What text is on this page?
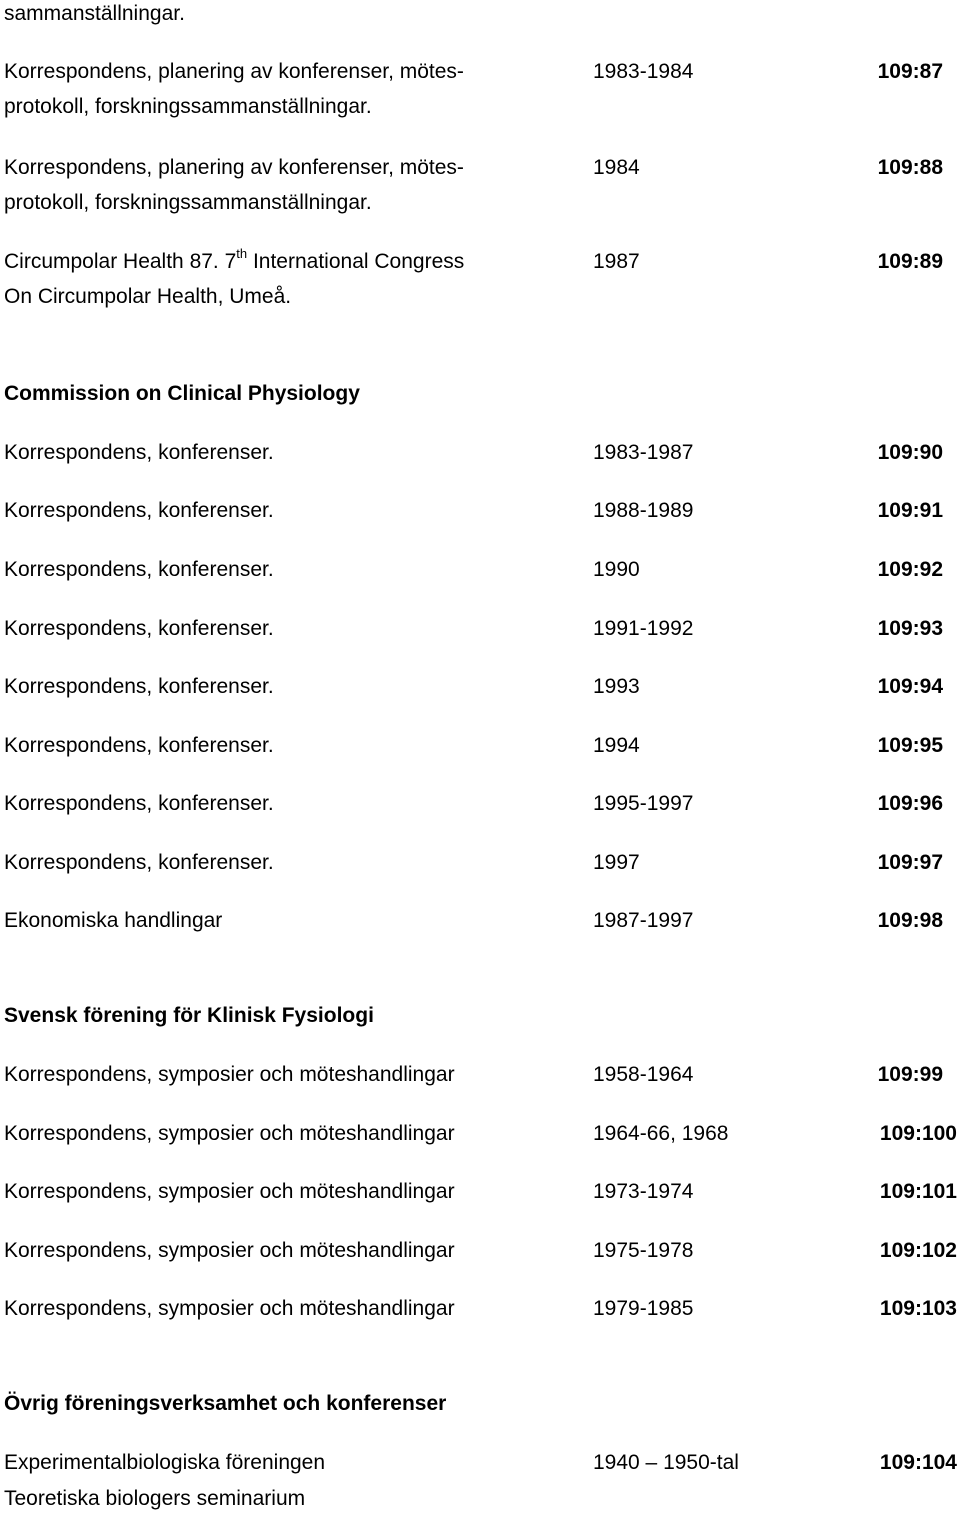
sammanställningar.
Korrespondens, planering av konferenser, mötes-
protokoll, forskningssammanställningar.
1983-1984	109:87
Korrespondens, planering av konferenser, mötes-
protokoll, forskningssammanställningar.
1984	109:88
Circumpolar Health 87. 7th International Congress
On Circumpolar Health, Umeå.
1987	109:89
Commission on Clinical Physiology
Korrespondens, konferenser.	1983-1987	109:90
Korrespondens, konferenser.	1988-1989	109:91
Korrespondens, konferenser.	1990	109:92
Korrespondens, konferenser.	1991-1992	109:93
Korrespondens, konferenser.	1993	109:94
Korrespondens, konferenser.	1994	109:95
Korrespondens, konferenser.	1995-1997	109:96
Korrespondens, konferenser.	1997	109:97
Ekonomiska handlingar	1987-1997	109:98
Svensk förening för Klinisk Fysiologi
Korrespondens, symposier och möteshandlingar	1958-1964	109:99
Korrespondens, symposier och möteshandlingar	1964-66, 1968	109:100
Korrespondens, symposier och möteshandlingar	1973-1974	109:101
Korrespondens, symposier och möteshandlingar	1975-1978	109:102
Korrespondens, symposier och möteshandlingar	1979-1985	109:103
Övrig föreningsverksamhet och konferenser
Experimentalbiologiska föreningen	1940 – 1950-tal	109:104
Teoretiska biologers seminarium
